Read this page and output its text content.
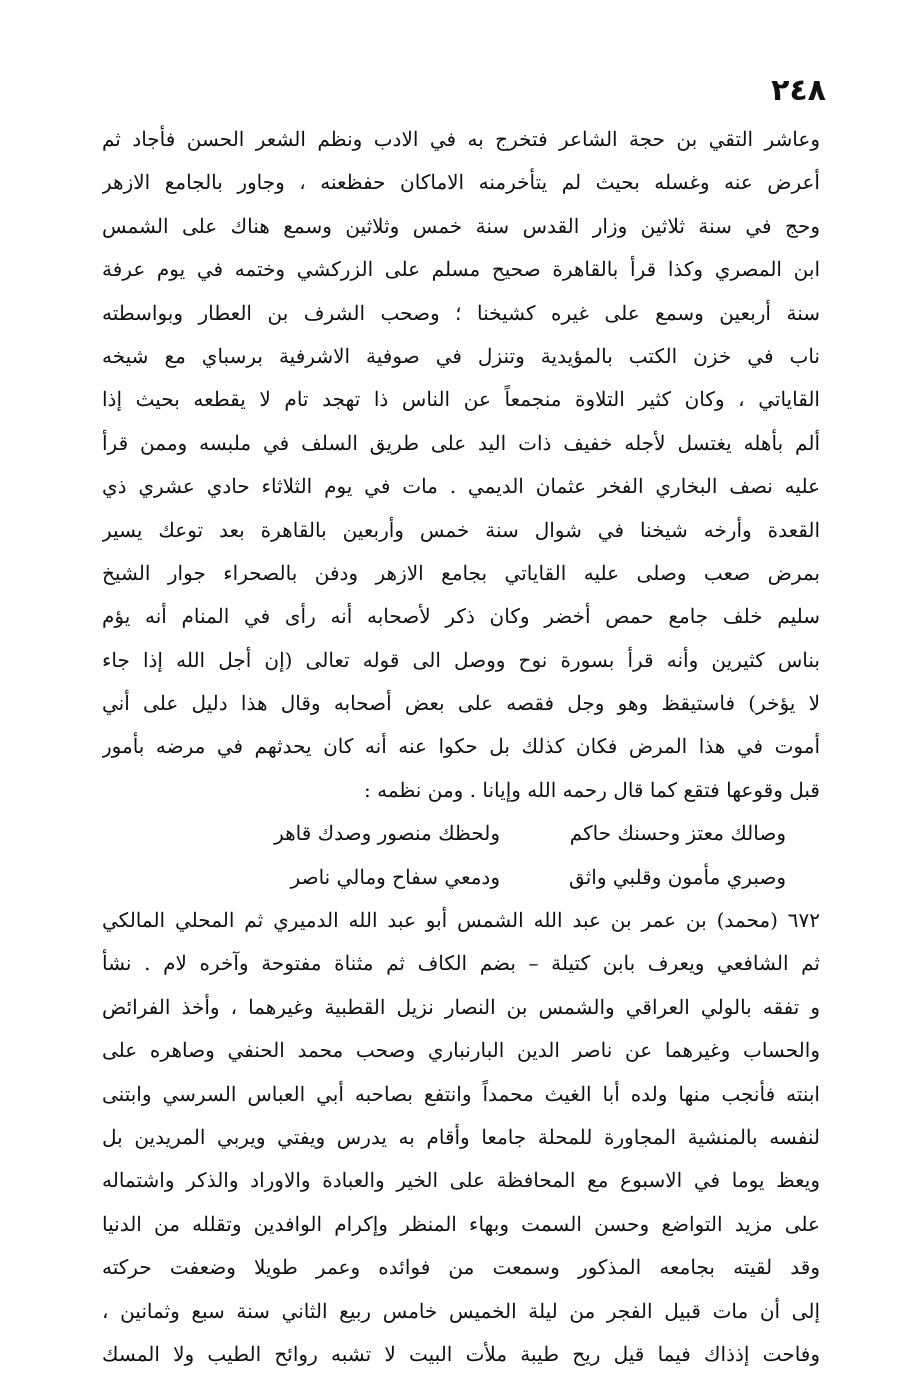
٢٤٨
وعاشر التقي بن حجة الشاعر فتخرج به في الادب ونظم الشعر الحسن فأجاد ثم
أعرض عنه وغسله بحيث لم يتأخرمنه الاماكان حفظعنه ، وجاور بالجامع الازهر
وحج في سنة ثلاثين وزار القدس سنة خمس وثلاثين وسمع هناك على الشمس
ابن المصري وكذا قرأ بالقاهرة صحيح مسلم على الزركشي وختمه في يوم عرفة
سنة أربعين وسمع على غيره كشيخنا ؛ وصحب الشرف بن العطار وبواسطته
ناب في خزن الكتب بالمؤيدية وتنزل في صوفية الاشرفية برسباي مع شيخه
القاياتي ، وكان كثير التلاوة منجمعاً عن الناس ذا تهجد تام لا يقطعه بحيث إذا
ألم بأهله يغتسل لأجله خفيف ذات اليد على طريق السلف في ملبسه وممن قرأ
عليه نصف البخاري الفخر عثمان الديمي . مات في يوم الثلاثاء حادي عشري ذي
القعدة وأرخه شيخنا في شوال سنة خمس وأربعين بالقاهرة بعد توعك يسير
بمرض صعب وصلى عليه القاياتي بجامع الازهر ودفن بالصحراء جوار الشيخ
سليم خلف جامع حمص أخضر وكان ذكر لأصحابه أنه رأى في المنام أنه يؤم
بناس كثيرين وأنه قرأ بسورة نوح ووصل الى قوله تعالى (إن أجل الله إذا جاء
لا يؤخر) فاستيقظ وهو وجل فقصه على بعض أصحابه وقال هذا دليل على أني
أموت في هذا المرض فكان كذلك بل حكوا عنه أنه كان يحدثهم في مرضه بأمور
قبل وقوعها فتقع كما قال رحمه الله وإيانا . ومن نظمه :
وصالك معتز وحسنك حاكم
ولحظك منصور وصدك قاهر
وصبري مأمون وقلبي واثق
ودمعي سفاح ومالي ناصر
٦٧٢ (محمد) بن عمر بن عبد الله الشمس أبو عبد الله الدميري ثم المحلي المالكي
ثم الشافعي ويعرف بابن كتيلة – بضم الكاف ثم مثناة مفتوحة وآخره لام . نشأ
و تفقه بالولي العراقي والشمس بن النصار نزيل القطبية وغيرهما ، وأخذ الفرائض
والحساب وغيرهما عن ناصر الدين البارنباري وصحب محمد الحنفي وصاهره على
ابنته فأنجب منها ولده أبا الغيث محمداً وانتفع بصاحبه أبي العباس السرسي وابتنى
لنفسه بالمنشية المجاورة للمحلة جامعا وأقام به يدرس ويفتي ويربي المريدين بل
ويعظ يوما في الاسبوع مع المحافظة على الخير والعبادة والاوراد والذكر واشتماله
على مزيد التواضع وحسن السمت وبهاء المنظر وإكرام الوافدين وتقلله من الدنيا
وقد لقيته بجامعه المذكور وسمعت من فوائده وعمر طويلا وضعفت حركته
إلى أن مات قبيل الفجر من ليلة الخميس خامس ربيع الثاني سنة سبع وثمانين ،
وفاحت إذذاك فيما قيل ريح طيبة ملأت البيت لا تشبه روائح الطيب ولا المسك
